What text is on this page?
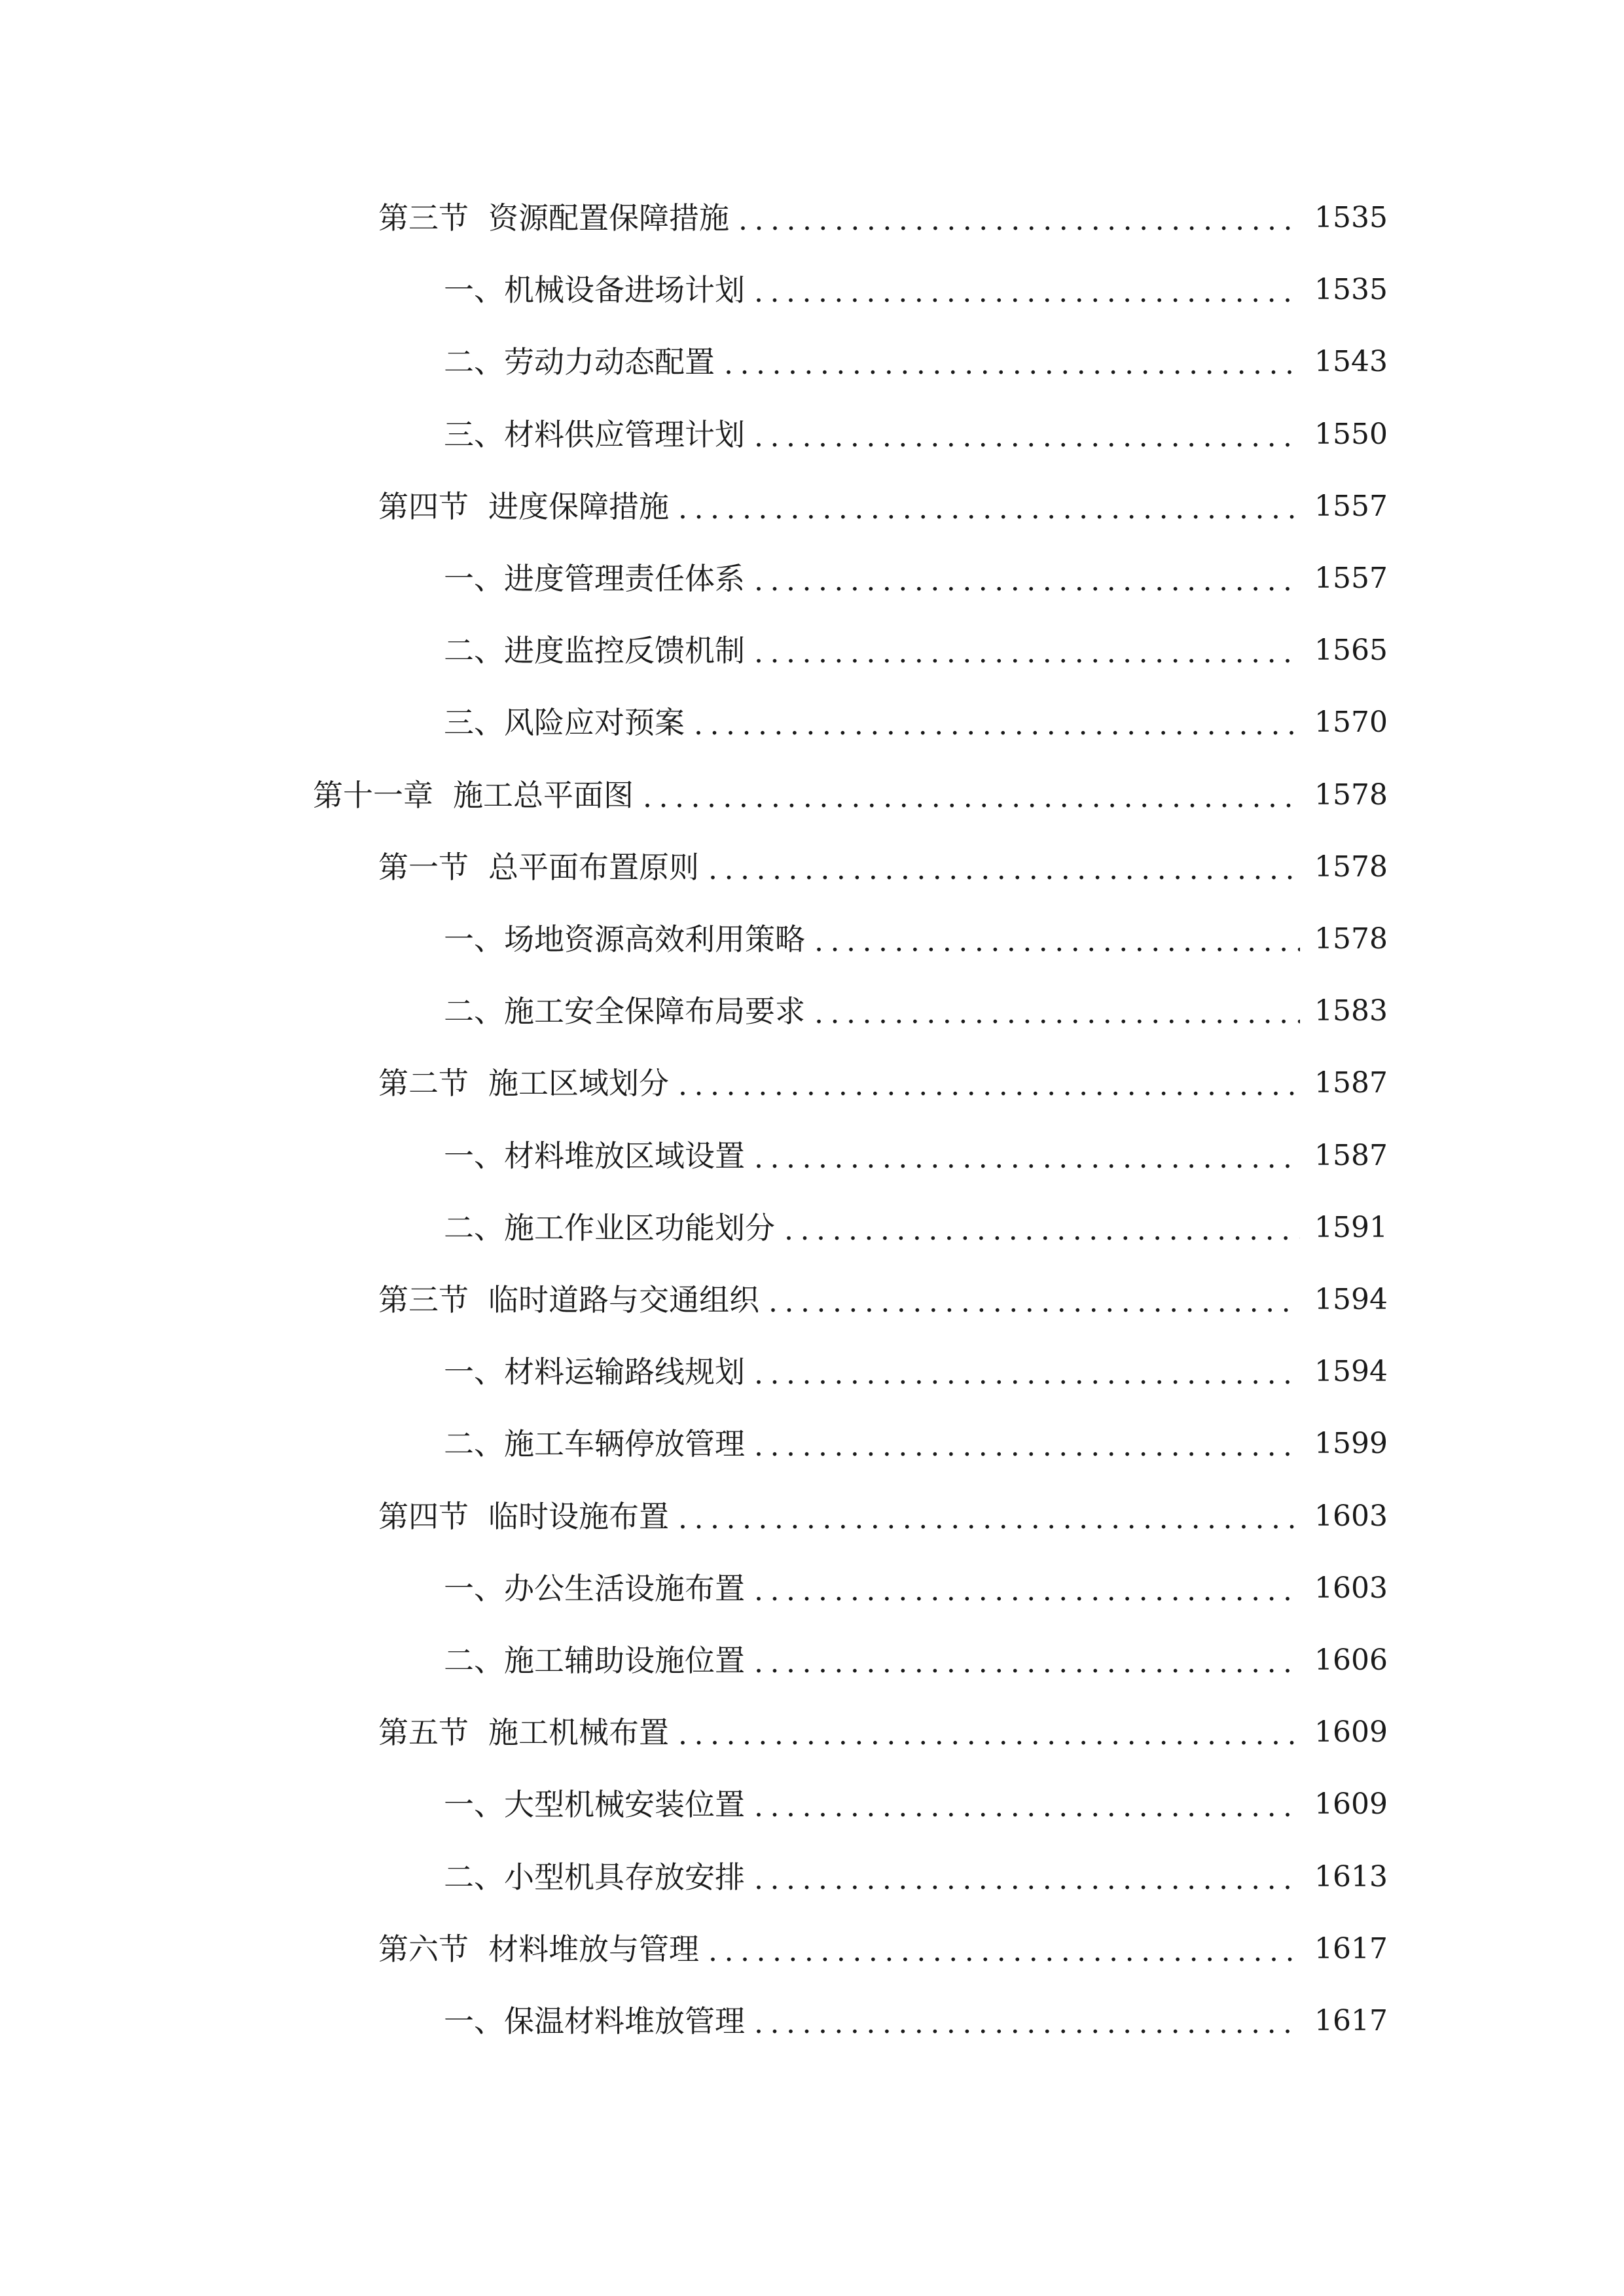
第三节 资源配置保障措施 .....	1535
一、 机械设备进场计划 .....	1535
二、 劳动力动态配置 .....	1543
三、 材料供应管理计划 .....	1550
第四节 进度保障措施 .....	1557
一、 进度管理责任体系 .....	1557
二、 进度监控反馈机制 .....	1565
三、 风险应对预案 .....	1570
第十一章 施工总平面图 .....	1578
第一节 总平面布置原则 .....	1578
一、 场地资源高效利用策略 .....	1578
二、 施工安全保障布局要求 .....	1583
第二节 施工区域划分 .....	1587
一、 材料堆放区域设置 .....	1587
二、 施工作业区功能划分 .....	1591
第三节 临时道路与交通组织 .....	1594
一、 材料运输路线规划 .....	1594
二、 施工车辆停放管理 .....	1599
第四节 临时设施布置 .....	1603
一、 办公生活设施布置 .....	1603
二、 施工辅助设施位置 .....	1606
第五节 施工机械布置 .....	1609
一、 大型机械安装位置 .....	1609
二、 小型机具存放安排 .....	1613
第六节 材料堆放与管理 .....	1617
一、 保温材料堆放管理 .....	1617
